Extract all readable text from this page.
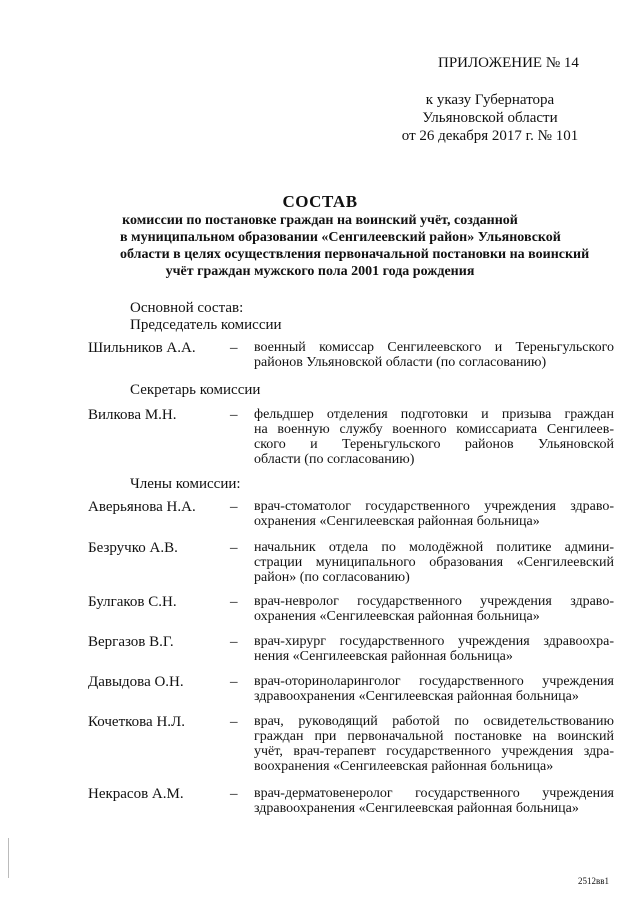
ПРИЛОЖЕНИЕ № 14
к указу Губернатора
Ульяновской области
от 26 декабря 2017 г. № 101
СОСТАВ
комиссии по постановке граждан на воинский учёт, созданной
в муниципальном образовании «Сенгилеевский район» Ульяновской
области в целях осуществления первоначальной постановки на воинский
учёт граждан мужского пола 2001 года рождения
Основной состав:
Председатель комиссии
Шильников А.А. – военный комиссар Сенгилеевского и Тереньгульского
районов Ульяновской области (по согласованию)
Секретарь комиссии
Вилкова М.Н.	– фельдшер отделения подготовки и призыва граждан
на военную службу военного комиссариата Сенгилеев-
ского и Тереньгульского районов Ульяновской
области (по согласованию)
Члены комиссии:
Аверьянова Н.А. – врач-стоматолог государственного учреждения здраво-
охранения «Сенгилеевская районная больница»
Безручко А.В.	– начальник отдела по молодёжной политике админи-
страции муниципального образования «Сенгилеевский
район» (по согласованию)
Булгаков С.Н.	– врач-невролог государственного учреждения здраво-
охранения «Сенгилеевская районная больница»
Вергазов В.Г.	– врач-хирург государственного учреждения здравоохра-
нения «Сенгилеевская районная больница»
Давыдова О.Н.	– врач-оториноларинголог государственного учреждения
здравоохранения «Сенгилеевская районная больница»
Кочеткова Н.Л.	– врач, руководящий работой по освидетельствованию
граждан при первоначальной постановке на воинский
учёт, врач-терапевт государственного учреждения здра-
воохранения «Сенгилеевская районная больница»
Некрасов А.М.	– врач-дерматовенеролог государственного учреждения
здравоохранения «Сенгилеевская районная больница»
2512вв1
